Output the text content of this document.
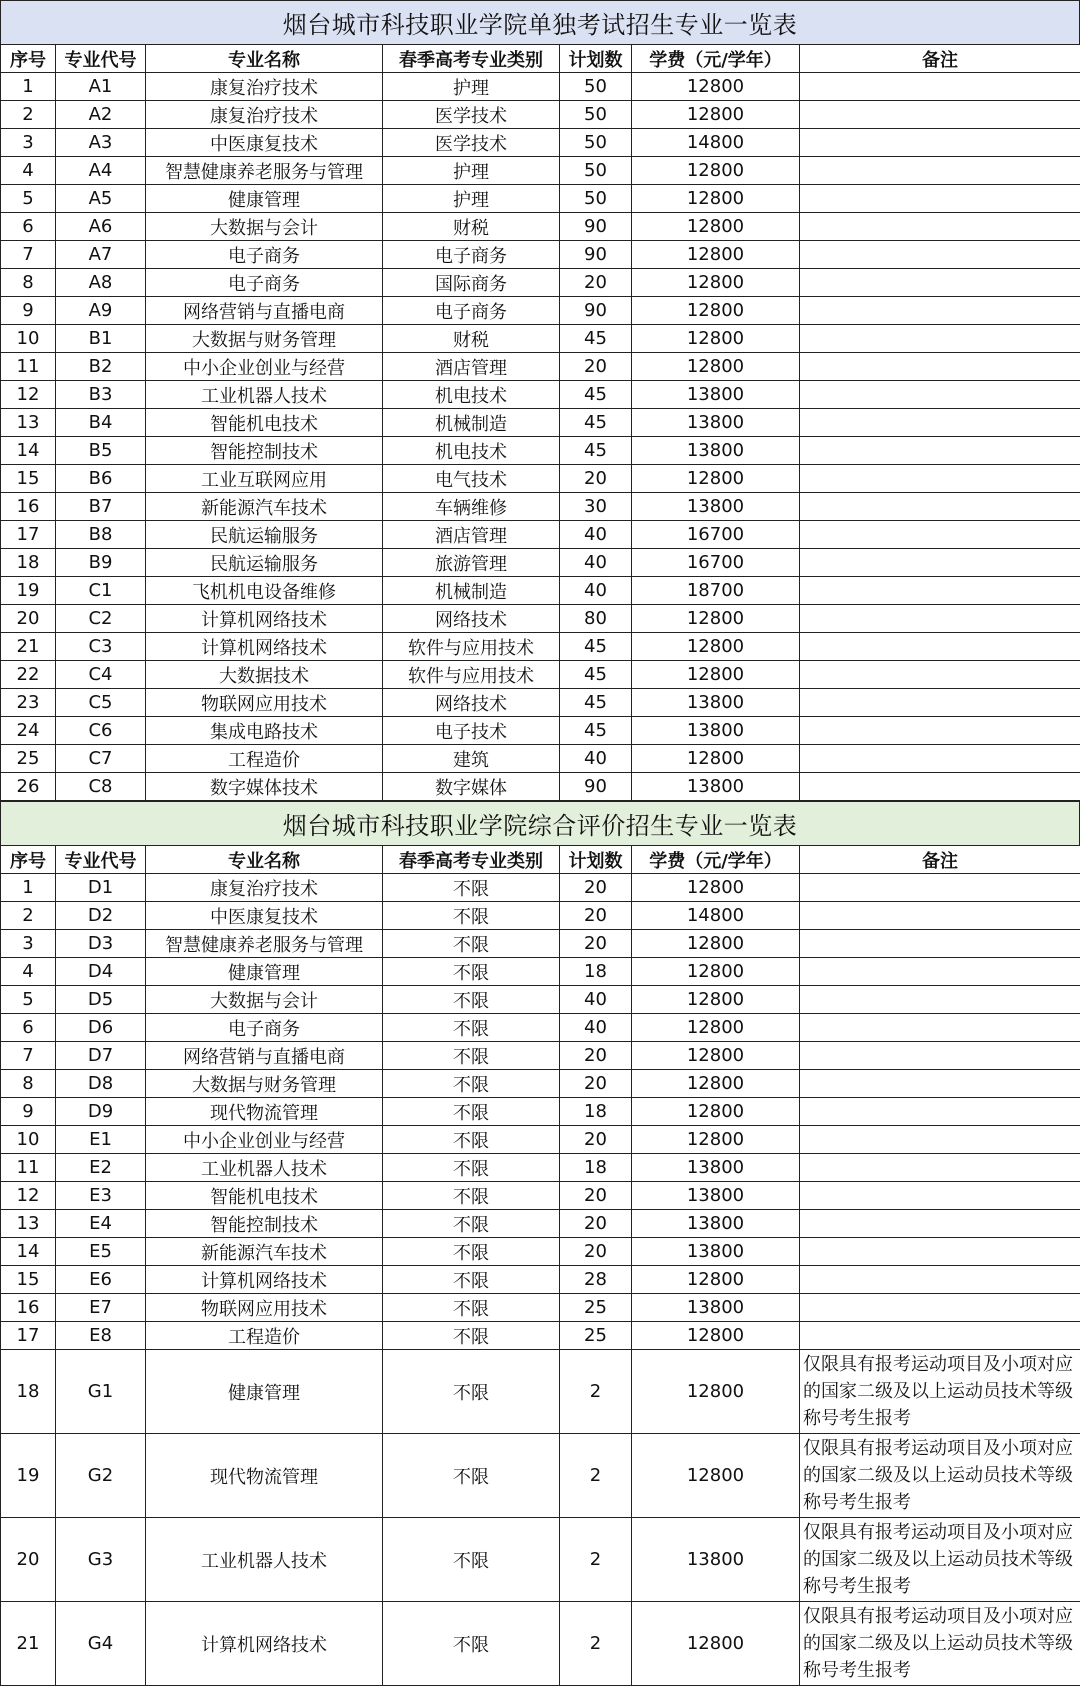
烟台城市科技职业学院单独考试招生专业一览表
序号	专业代号	专业名称	春季高考专业类别	计划数	学费（元/学年）	备注
1	A1	康复治疗技术	护理	50	12800	
2	A2	康复治疗技术	医学技术	50	12800	
3	A3	中医康复技术	医学技术	50	14800	
4	A4	智慧健康养老服务与管理	护理	50	12800	
5	A5	健康管理	护理	50	12800	
6	A6	大数据与会计	财税	90	12800	
7	A7	电子商务	电子商务	90	12800	
8	A8	电子商务	国际商务	20	12800	
9	A9	网络营销与直播电商	电子商务	90	12800	
10	B1	大数据与财务管理	财税	45	12800	
11	B2	中小企业创业与经营	酒店管理	20	12800	
12	B3	工业机器人技术	机电技术	45	13800	
13	B4	智能机电技术	机械制造	45	13800	
14	B5	智能控制技术	机电技术	45	13800	
15	B6	工业互联网应用	电气技术	20	12800	
16	B7	新能源汽车技术	车辆维修	30	13800	
17	B8	民航运输服务	酒店管理	40	16700	
18	B9	民航运输服务	旅游管理	40	16700	
19	C1	飞机机电设备维修	机械制造	40	18700	
20	C2	计算机网络技术	网络技术	80	12800	
21	C3	计算机网络技术	软件与应用技术	45	12800	
22	C4	大数据技术	软件与应用技术	45	12800	
23	C5	物联网应用技术	网络技术	45	13800	
24	C6	集成电路技术	电子技术	45	13800	
25	C7	工程造价	建筑	40	12800	
26	C8	数字媒体技术	数字媒体	90	13800	
烟台城市科技职业学院综合评价招生专业一览表
序号	专业代号	专业名称	春季高考专业类别	计划数	学费（元/学年）	备注
1	D1	康复治疗技术	不限	20	12800	
2	D2	中医康复技术	不限	20	14800	
3	D3	智慧健康养老服务与管理	不限	20	12800	
4	D4	健康管理	不限	18	12800	
5	D5	大数据与会计	不限	40	12800	
6	D6	电子商务	不限	40	12800	
7	D7	网络营销与直播电商	不限	20	12800	
8	D8	大数据与财务管理	不限	20	12800	
9	D9	现代物流管理	不限	18	12800	
10	E1	中小企业创业与经营	不限	20	12800	
11	E2	工业机器人技术	不限	18	13800	
12	E3	智能机电技术	不限	20	13800	
13	E4	智能控制技术	不限	20	13800	
14	E5	新能源汽车技术	不限	20	13800	
15	E6	计算机网络技术	不限	28	12800	
16	E7	物联网应用技术	不限	25	13800	
17	E8	工程造价	不限	25	12800	
18	G1	健康管理	不限	2	12800	仅限具有报考运动项目及小项对应的国家二级及以上运动员技术等级称号考生报考
19	G2	现代物流管理	不限	2	12800	仅限具有报考运动项目及小项对应的国家二级及以上运动员技术等级称号考生报考
20	G3	工业机器人技术	不限	2	13800	仅限具有报考运动项目及小项对应的国家二级及以上运动员技术等级称号考生报考
21	G4	计算机网络技术	不限	2	12800	仅限具有报考运动项目及小项对应的国家二级及以上运动员技术等级称号考生报考
